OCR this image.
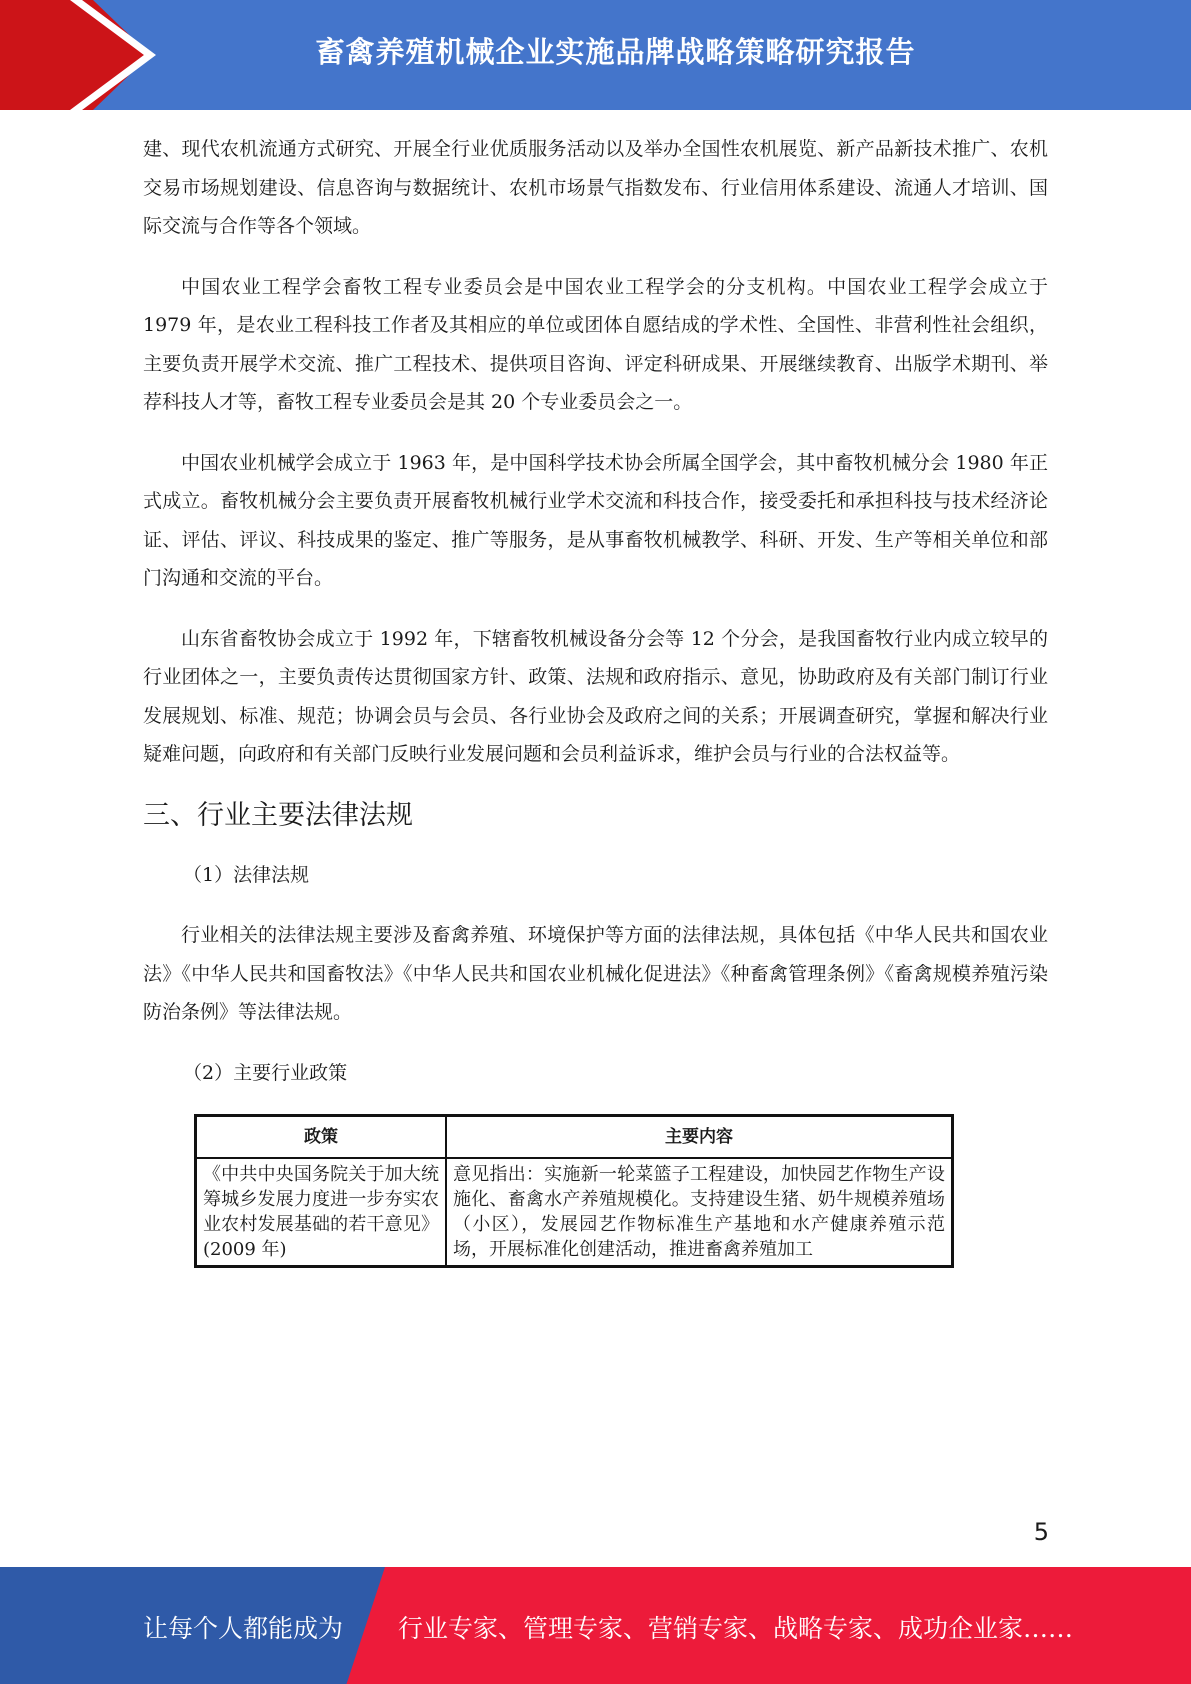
畜禽养殖机械企业实施品牌战略策略研究报告

建、现代农机流通方式研究、开展全行业优质服务活动以及举办全国性农机展览、新产品新技术推广、农机交易市场规划建设、信息咨询与数据统计、农机市场景气指数发布、行业信用体系建设、流通人才培训、国际交流与合作等各个领域。

中国农业工程学会畜牧工程专业委员会是中国农业工程学会的分支机构。中国农业工程学会成立于 1979 年，是农业工程科技工作者及其相应的单位或团体自愿结成的学术性、全国性、非营利性社会组织，主要负责开展学术交流、推广工程技术、提供项目咨询、评定科研成果、开展继续教育、出版学术期刊、举荐科技人才等，畜牧工程专业委员会是其 20 个专业委员会之一。

中国农业机械学会成立于 1963 年，是中国科学技术协会所属全国学会，其中畜牧机械分会 1980 年正式成立。畜牧机械分会主要负责开展畜牧机械行业学术交流和科技合作，接受委托和承担科技与技术经济论证、评估、评议、科技成果的鉴定、推广等服务，是从事畜牧机械教学、科研、开发、生产等相关单位和部门沟通和交流的平台。

山东省畜牧协会成立于 1992 年，下辖畜牧机械设备分会等 12 个分会，是我国畜牧行业内成立较早的行业团体之一，主要负责传达贯彻国家方针、政策、法规和政府指示、意见，协助政府及有关部门制订行业发展规划、标准、规范；协调会员与会员、各行业协会及政府之间的关系；开展调查研究，掌握和解决行业疑难问题，向政府和有关部门反映行业发展问题和会员利益诉求，维护会员与行业的合法权益等。

三、行业主要法律法规

（1）法律法规

行业相关的法律法规主要涉及畜禽养殖、环境保护等方面的法律法规，具体包括《中华人民共和国农业法》《中华人民共和国畜牧法》《中华人民共和国农业机械化促进法》《种畜禽管理条例》《畜禽规模养殖污染防治条例》等法律法规。

（2）主要行业政策

政策	主要内容
《中共中央国务院关于加大统筹城乡发展力度进一步夯实农业农村发展基础的若干意见》(2009 年)	意见指出：实施新一轮菜篮子工程建设，加快园艺作物生产设施化、畜禽水产养殖规模化。支持建设生猪、奶牛规模养殖场（小区），发展园艺作物标准生产基地和水产健康养殖示范场，开展标准化创建活动，推进畜禽养殖加工
5
让每个人都能成为 行业专家、管理专家、营销专家、战略专家、成功企业家……
